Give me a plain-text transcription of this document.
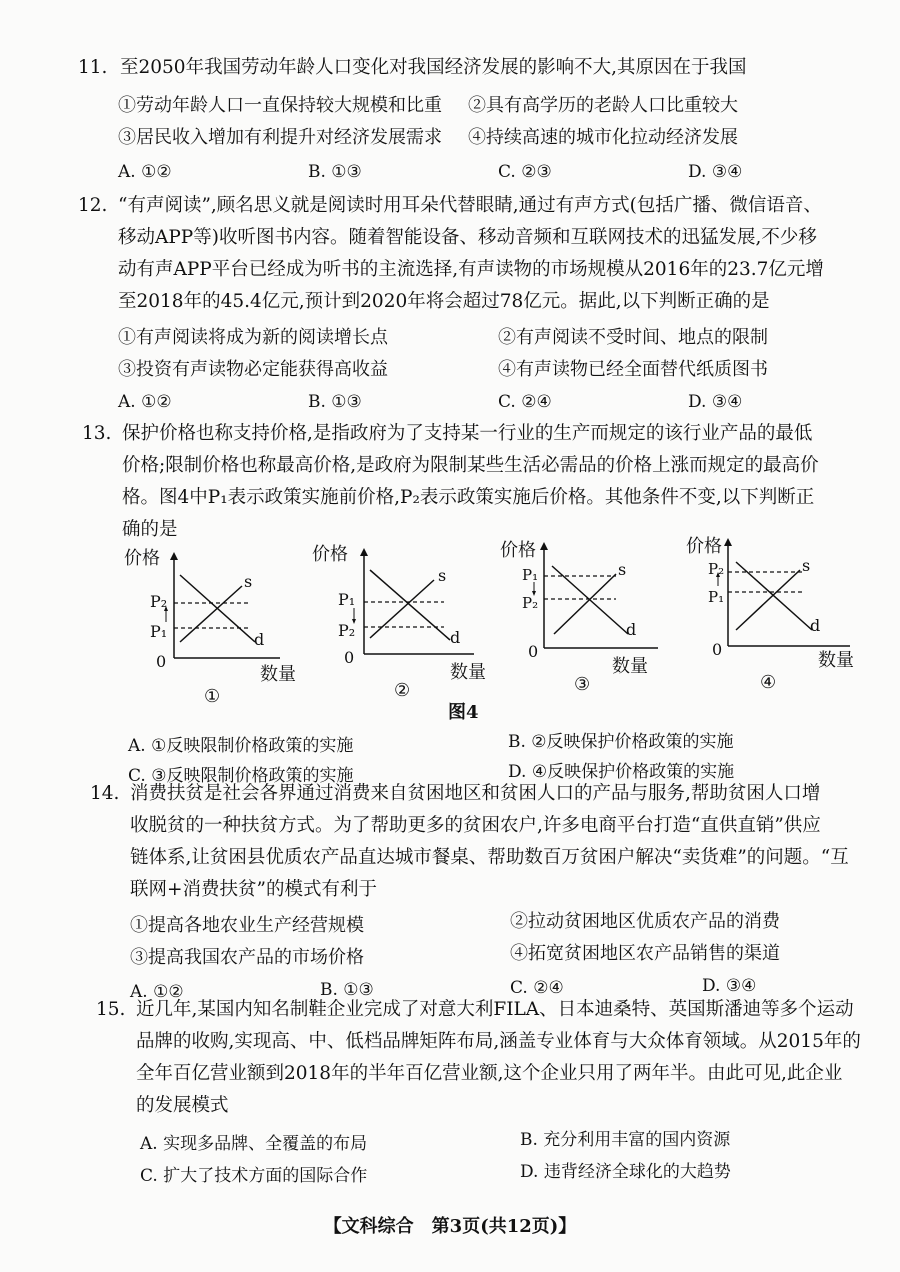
11. 至2050年我国劳动年龄人口变化对我国经济发展的影响不大,其原因在于我国
①劳动年龄人口一直保持较大规模和比重 ②具有高学历的老龄人口比重较大
③居民收入增加有利提升对经济发展需求 ④持续高速的城市化拉动经济发展
A. ①②	B. ①③	C. ②③	D. ③④
12. “有声阅读”,顾名思义就是阅读时用耳朵代替眼睛,通过有声方式(包括广播、微信语音、
移动APP等)收听图书内容。随着智能设备、移动音频和互联网技术的迅猛发展,不少移
动有声APP平台已经成为听书的主流选择,有声读物的市场规模从2016年的23.7亿元增
至2018年的45.4亿元,预计到2020年将会超过78亿元。据此,以下判断正确的是
①有声阅读将成为新的阅读增长点	②有声阅读不受时间、地点的限制
③投资有声读物必定能获得高收益	④有声读物已经全面替代纸质图书
A. ①②	B. ①③	C. ②④	D. ③④
13. 保护价格也称支持价格,是指政府为了支持某一行业的生产而规定的该行业产品的最低
价格;限制价格也称最高价格,是政府为限制某些生活必需品的价格上涨而规定的最高价
格。图4中P₁表示政策实施前价格,P₂表示政策实施后价格。其他条件不变,以下判断正
确的是
价格
P₂
P₁
s
d
0
数量
①
价格
P₁
P₂
s
d
0
数量
②
价格
P₁
P₂
s
d
0
数量
③
价格
P₂
P₁
s
d
0
数量
④
图4
A. ①反映限制价格政策的实施	B. ②反映保护价格政策的实施
C. ③反映限制价格政策的实施	D. ④反映保护价格政策的实施
14. 消费扶贫是社会各界通过消费来自贫困地区和贫困人口的产品与服务,帮助贫困人口增
收脱贫的一种扶贫方式。为了帮助更多的贫困农户,许多电商平台打造“直供直销”供应
链体系,让贫困县优质农产品直达城市餐桌、帮助数百万贫困户解决“卖货难”的问题。“互
联网+消费扶贫”的模式有利于
①提高各地农业生产经营规模	②拉动贫困地区优质农产品的消费
③提高我国农产品的市场价格	④拓宽贫困地区农产品销售的渠道
A. ①②	B. ①③	C. ②④	D. ③④
15. 近几年,某国内知名制鞋企业完成了对意大利FILA、日本迪桑特、英国斯潘迪等多个运动
品牌的收购,实现高、中、低档品牌矩阵布局,涵盖专业体育与大众体育领域。从2015年的
全年百亿营业额到2018年的半年百亿营业额,这个企业只用了两年半。由此可见,此企业
的发展模式
A. 实现多品牌、全覆盖的布局	B. 充分利用丰富的国内资源
C. 扩大了技术方面的国际合作	D. 违背经济全球化的大趋势
【文科综合　第3页(共12页)】
